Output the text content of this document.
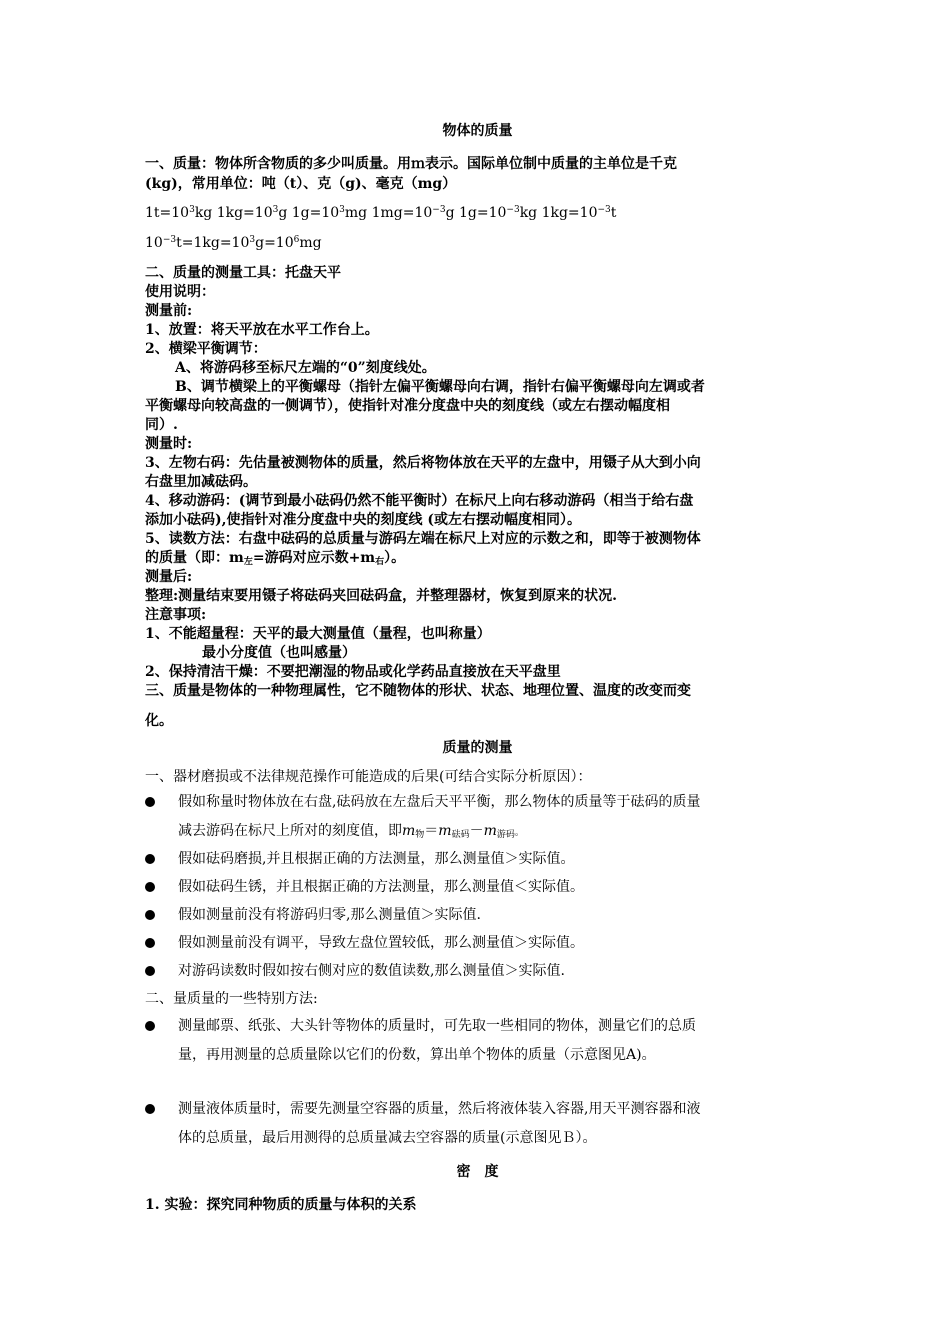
物体的质量
一、质量：物体所含物质的多少叫质量。用ｍ表示。国际单位制中质量的主单位是千克
(kg)，常用单位：吨（t）、克（g)、毫克（mg）
$1t=10^3kg$ $1kg=10^3g$ $1g=10^3mg$ $1mg=10^{-3}g$ $1g=10^{-3}kg$ $1kg=10^{-3}t$
$10^{-3}t=1kg=10^3g=10^6mg$
二、质量的测量工具：托盘天平
使用说明：
测量前:
1、放置：将天平放在水平工作台上。
2、横梁平衡调节：
A、将游码移至标尺左端的“0”刻度线处。
B、调节横梁上的平衡螺母（指针左偏平衡螺母向右调，指针右偏平衡螺母向左调或者
平衡螺母向较高盘的一侧调节），使指针对准分度盘中央的刻度线（或左右摆动幅度相
同）.
测量时:
3、左物右码：先估量被测物体的质量，然后将物体放在天平的左盘中，用镊子从大到小向
右盘里加减砝码。
4、移动游码：(调节到最小砝码仍然不能平衡时）在标尺上向右移动游码（相当于给右盘
添加小砝码),使指针对准分度盘中央的刻度线 (或左右摆动幅度相同）。
5、读数方法：右盘中砝码的总质量与游码左端在标尺上对应的示数之和，即等于被测物体
的质量（即：$m_左=$游码对应示数$+m_右$）。
测量后:
整理:测量结束要用镊子将砝码夹回砝码盒，并整理器材，恢复到原来的状况.
注意事项:
1、不能超量程：天平的最大测量值（量程，也叫称量）
最小分度值（也叫感量）
2、保持清洁干燥：不要把潮湿的物品或化学药品直接放在天平盘里
三、质量是物体的一种物理属性，它不随物体的形状、状态、地理位置、温度的改变而变
化。
质量的测量
一、器材磨损或不法律规范操作可能造成的后果(可结合实际分析原因）：
假如称量时物体放在右盘,砝码放在左盘后天平平衡，那么物体的质量等于砝码的质量
减去游码在标尺上所对的刻度值，即$m_物=m_{砝码}-m_{游码}$。
假如砝码磨损,并且根据正确的方法测量，那么测量值＞实际值。
假如砝码生锈，并且根据正确的方法测量，那么测量值＜实际值。
假如测量前没有将游码归零,那么测量值＞实际值.
假如测量前没有调平，导致左盘位置较低，那么测量值＞实际值。
对游码读数时假如按右侧对应的数值读数,那么测量值＞实际值.
二、量质量的一些特别方法:
测量邮票、纸张、大头针等物体的质量时，可先取一些相同的物体，测量它们的总质
量，再用测量的总质量除以它们的份数，算出单个物体的质量（示意图见A)。
测量液体质量时，需要先测量空容器的质量，然后将液体装入容器,用天平测容器和液
体的总质量，最后用测得的总质量减去空容器的质量(示意图见Ｂ）。
密　度
1. 实验：探究同种物质的质量与体积的关系
